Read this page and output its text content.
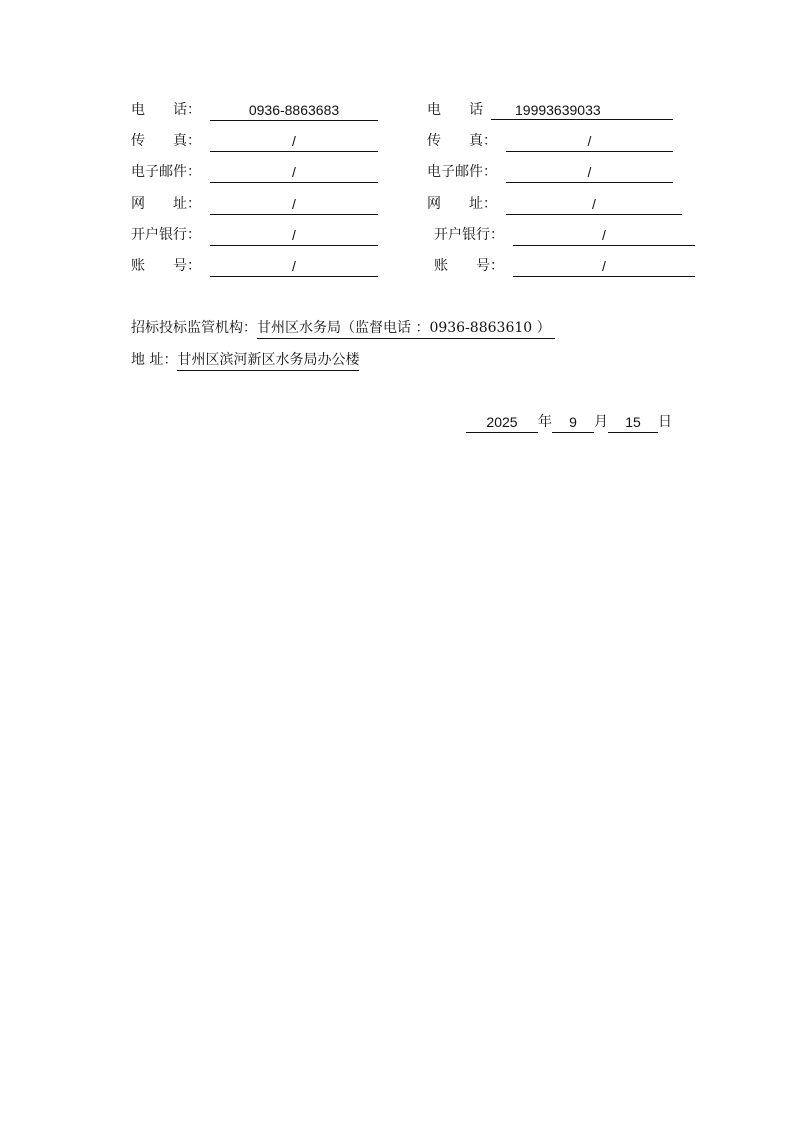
电　　话：	0936-8863683	电　　话	19993639033
传　　真：	/	传　　真：	/
电子邮件：	/	电子邮件：	/
网　　址：	/	网　　址：	/
开户银行：	/	开户银行：	/
账　　号：	/	账　　号：	/
招标投标监管机构：甘州区水务局（监督电话 ：0936-8863610 ）
地 址：甘州区滨河新区水务局办公楼
2025 年 9 月 15 日
